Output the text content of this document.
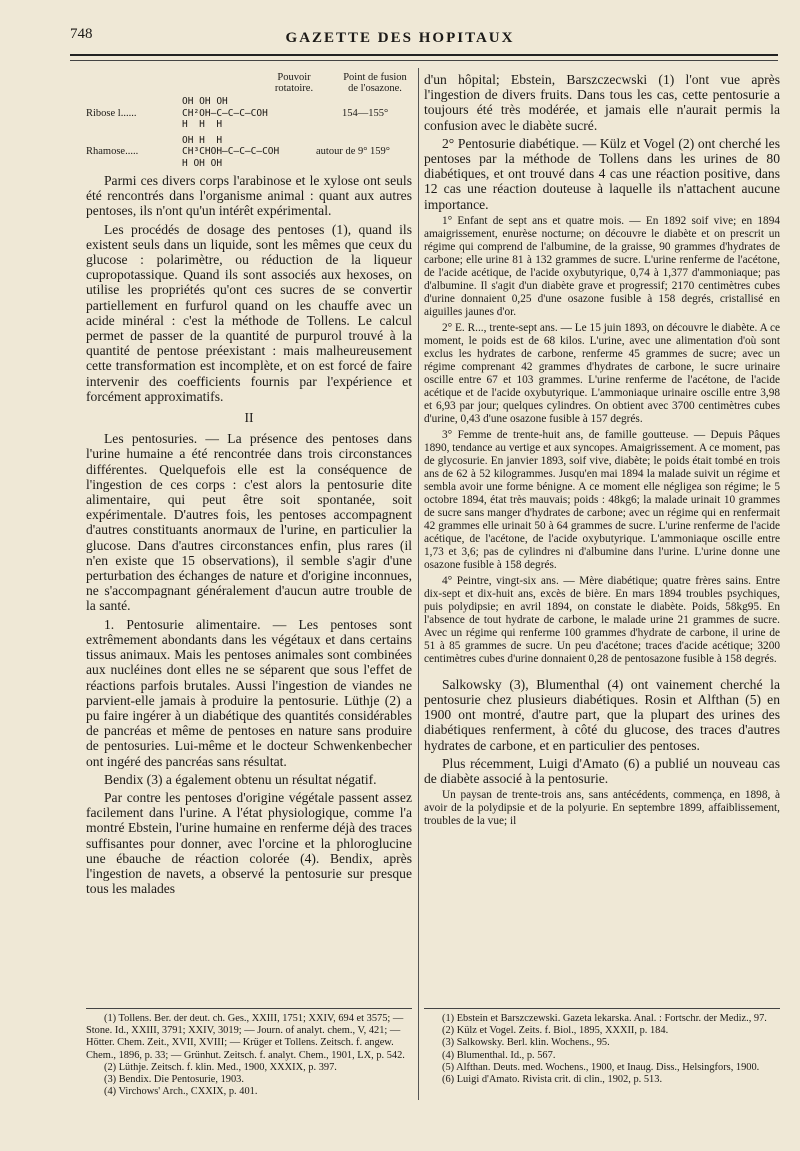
748	GAZETTE DES HOPITAUX
Pouvoir rotatoire.
Point de fusion de l'osazone.
OH OH OH
Ribose l......	CH²OH—C—C—C—COH	154—155°
H  H  H
OH H  H
Rhamose.....	CH³CHOH—C—C—C—COH	autour de 9° 159°
H OH OH

Parmi ces divers corps l'arabinose et le xylose ont seuls été rencontrés dans l'organisme animal : quant aux autres pentoses, ils n'ont qu'un intérêt expérimental.

Les procédés de dosage des pentoses (1), quand ils existent seuls dans un liquide, sont les mêmes que ceux du glucose : polarimètre, ou réduction de la liqueur cupropotassique. Quand ils sont associés aux hexoses, on utilise les propriétés qu'ont ces sucres de se convertir partiellement en furfurol quand on les chauffe avec un acide minéral : c'est la méthode de Tollens. Le calcul permet de passer de la quantité de purpurol trouvé à la quantité de pentose préexistant : mais malheureusement cette transformation est incomplète, et on est forcé de faire intervenir des coefficients fournis par l'expérience et forcément approximatifs.

II

Les pentosuries. — La présence des pentoses dans l'urine humaine a été rencontrée dans trois circonstances différentes. Quelquefois elle est la conséquence de l'ingestion de ces corps : c'est alors la pentosurie dite alimentaire, qui peut être soit spontanée, soit expérimentale. D'autres fois, les pentoses accompagnent d'autres constituants anormaux de l'urine, en particulier la glucose. Dans d'autres circonstances enfin, plus rares (il n'en existe que 15 observations), il semble s'agir d'une perturbation des échanges de nature et d'origine inconnues, ne s'accompagnant généralement d'aucun autre trouble de la santé.

1. Pentosurie alimentaire. — Les pentoses sont extrêmement abondants dans les végétaux et dans certains tissus animaux. Mais les pentoses animales sont combinées aux nucléines dont elles ne se séparent que sous l'effet de réactions parfois brutales. Aussi l'ingestion de viandes ne parvient-elle jamais à produire la pentosurie. Lüthje (2) a pu faire ingérer à un diabétique des quantités considérables de pancréas et même de pentoses en nature sans produire de pentosuries. Lui-même et le docteur Schwenkenbecher ont ingéré des pancréas sans résultat.

Bendix (3) a également obtenu un résultat négatif.

Par contre les pentoses d'origine végétale passent assez facilement dans l'urine. A l'état physiologique, comme l'a montré Ebstein, l'urine humaine en renferme déjà des traces suffisantes pour donner, avec l'orcine et la phloroglucine une ébauche de réaction colorée (4). Bendix, après l'ingestion de navets, a observé la pentosurie sur presque tous les malades

(1) Tollens. Ber. der deut. ch. Ges., XXIII, 1751; XXIV, 694 et 3575; — Stone. Id., XXIII, 3791; XXIV, 3019; — Journ. of analyt. chem., V, 421; — Hötter. Chem. Zeit., XVII, XVIII; — Krüger et Tollens. Zeitsch. f. angew. Chem., 1896, p. 33; — Grünhut. Zeitsch. f. analyt. Chem., 1901, LX, p. 542.

(2) Lüthje. Zeitsch. f. klin. Med., 1900, XXXIX, p. 397.

(3) Bendix. Die Pentosurie, 1903.

(4) Virchows' Arch., CXXIX, p. 401.

d'un hôpital; Ebstein, Barszczecwski (1) l'ont vue après l'ingestion de divers fruits. Dans tous les cas, cette pentosurie a toujours été très modérée, et jamais elle n'aurait permis la confusion avec le diabète sucré.

2° Pentosurie diabétique. — Külz et Vogel (2) ont cherché les pentoses par la méthode de Tollens dans les urines de 80 diabétiques, et ont trouvé dans 4 cas une réaction positive, dans 12 cas une réaction douteuse à laquelle ils n'attachent aucune importance.

1° Enfant de sept ans et quatre mois. — En 1892 soif vive; en 1894 amaigrissement, enurèse nocturne; on découvre le diabète et on prescrit un régime qui comprend de l'albumine, de la graisse, 90 grammes d'hydrates de carbone; elle urine 81 à 132 grammes de sucre. L'urine renferme de l'acétone, de l'acide acétique, de l'acide oxybutyrique, 0,74 à 1,377 d'ammoniaque; pas d'albumine. Il s'agit d'un diabète grave et progressif; 2170 centimètres cubes d'urine donnaient 0,25 d'une osazone fusible à 158 degrés, cristallisé en aiguilles jaunes d'or.

2° E. R..., trente-sept ans. — Le 15 juin 1893, on découvre le diabète. A ce moment, le poids est de 68 kilos. L'urine, avec une alimentation d'où sont exclus les hydrates de carbone, renferme 45 grammes de sucre; avec un régime comprenant 42 grammes d'hydrates de carbone, le sucre urinaire oscille entre 67 et 103 grammes. L'urine renferme de l'acétone, de l'acide acétique et de l'acide oxybutyrique. L'ammoniaque urinaire oscille entre 3,98 et 6,93 par jour; quelques cylindres. On obtient avec 3700 centimètres cubes d'urine, 0,43 d'une osazone fusible à 157 degrés.

3° Femme de trente-huit ans, de famille goutteuse. — Depuis Pâques 1890, tendance au vertige et aux syncopes. Amaigrissement. A ce moment, pas de glycosurie. En janvier 1893, soif vive, diabète; le poids était tombé en trois ans de 62 à 52 kilogrammes. Jusqu'en mai 1894 la malade suivit un régime et sembla avoir une forme bénigne. A ce moment elle négligea son régime; le 5 octobre 1894, état très mauvais; poids : 48kg6; la malade urinait 10 grammes de sucre sans manger d'hydrates de carbone; avec un régime qui en renfermait 42 grammes elle urinait 50 à 64 grammes de sucre. L'urine renferme de l'acide acétique, de l'acétone, de l'acide oxybutyrique. L'ammoniaque oscille entre 1,73 et 3,6; pas de cylindres ni d'albumine dans l'urine. L'urine donne une osazone fusible à 158 degrés.

4° Peintre, vingt-six ans. — Mère diabétique; quatre frères sains. Entre dix-sept et dix-huit ans, excès de bière. En mars 1894 troubles psychiques, puis polydipsie; en avril 1894, on constate le diabète. Poids, 58kg95. En l'absence de tout hydrate de carbone, le malade urine 21 grammes de sucre. Avec un régime qui renferme 100 grammes d'hydrate de carbone, il urine de 51 à 85 grammes de sucre. Un peu d'acétone; traces d'acide acétique; 3200 centimètres cubes d'urine donnaient 0,28 de pentosazone fusible à 158 degrés.

Salkowsky (3), Blumenthal (4) ont vainement cherché la pentosurie chez plusieurs diabétiques. Rosin et Alfthan (5) en 1900 ont montré, d'autre part, que la plupart des urines des diabétiques renferment, à côté du glucose, des traces d'autres hydrates de carbone, et en particulier des pentoses.

Plus récemment, Luigi d'Amato (6) a publié un nouveau cas de diabète associé à la pentosurie.

Un paysan de trente-trois ans, sans antécédents, commença, en 1898, à avoir de la polydipsie et de la polyurie. En septembre 1899, affaiblissement, troubles de la vue; il

(1) Ebstein et Barszczewski. Gazeta lekarska. Anal. : Fortschr. der Mediz., 97.

(2) Külz et Vogel. Zeits. f. Biol., 1895, XXXII, p. 184.

(3) Salkowsky. Berl. klin. Wochens., 95.

(4) Blumenthal. Id., p. 567.

(5) Alfthan. Deuts. med. Wochens., 1900, et Inaug. Diss., Helsingfors, 1900.

(6) Luigi d'Amato. Rivista crit. di clin., 1902, p. 513.
